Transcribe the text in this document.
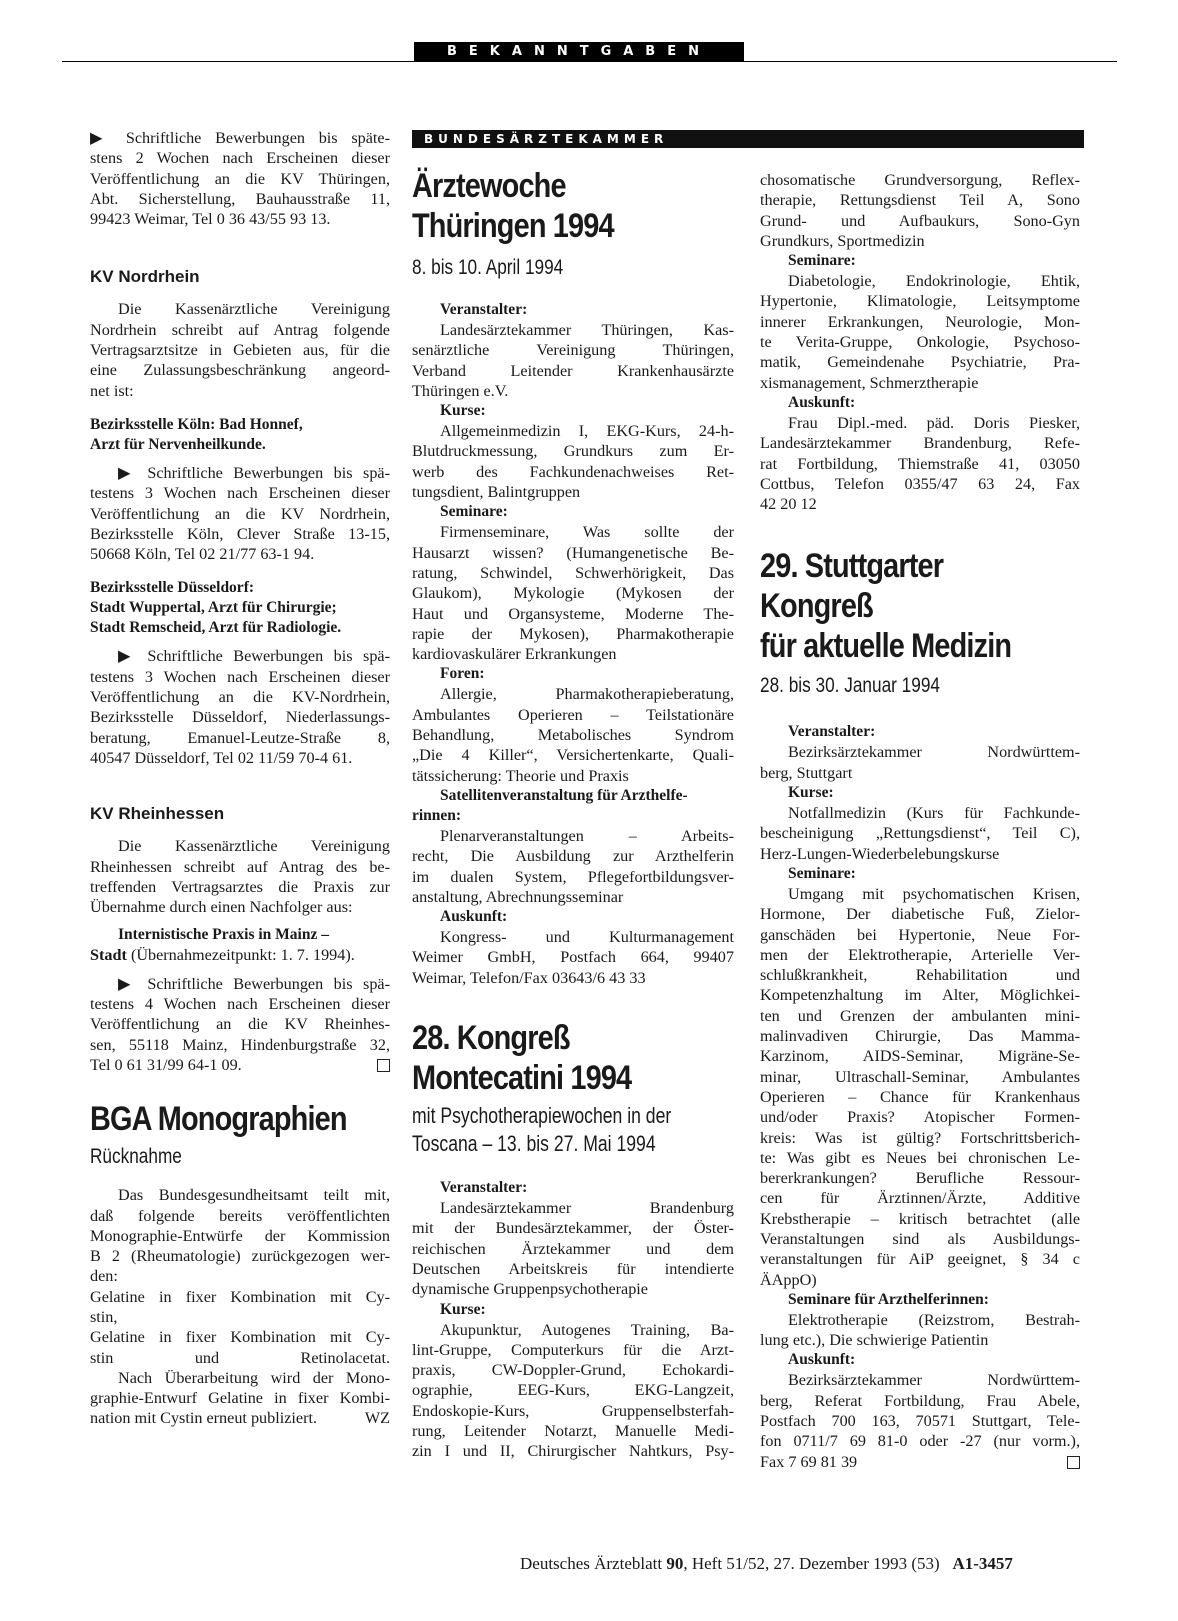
BEKANNTGABEN
BUNDESÄRZTEKAMMER

▶ Schriftliche Bewerbungen bis späte-

stens 2 Wochen nach Erscheinen dieser

Veröffentlichung an die KV Thüringen,

Abt. Sicherstellung, Bauhausstraße 11,

99423 Weimar, Tel 0 36 43/55 93 13.

KV Nordrhein

Die Kassenärztliche Vereinigung

Nordrhein schreibt auf Antrag folgende

Vertragsarztsitze in Gebieten aus, für die

eine Zulassungsbeschränkung angeord-

net ist:

Bezirksstelle Köln: Bad Honnef,

Arzt für Nervenheilkunde.

▶ Schriftliche Bewerbungen bis spä-

testens 3 Wochen nach Erscheinen dieser

Veröffentlichung an die KV Nordrhein,

Bezirksstelle Köln, Clever Straße 13-15,

50668 Köln, Tel 02 21/77 63-1 94.

Bezirksstelle Düsseldorf:

Stadt Wuppertal, Arzt für Chirurgie;

Stadt Remscheid, Arzt für Radiologie.

▶ Schriftliche Bewerbungen bis spä-

testens 3 Wochen nach Erscheinen dieser

Veröffentlichung an die KV-Nordrhein,

Bezirksstelle Düsseldorf, Niederlassungs-

beratung, Emanuel-Leutze-Straße 8,

40547 Düsseldorf, Tel 02 11/59 70-4 61.

KV Rheinhessen

Die Kassenärztliche Vereinigung

Rheinhessen schreibt auf Antrag des be-

treffenden Vertragsarztes die Praxis zur

Übernahme durch einen Nachfolger aus:

Internistische Praxis in Mainz –

Stadt (Übernahmezeitpunkt: 1. 7. 1994).

▶ Schriftliche Bewerbungen bis spä-

testens 4 Wochen nach Erscheinen dieser

Veröffentlichung an die KV Rheinhes-

sen, 55118 Mainz, Hindenburgstraße 32,

Tel 0 61 31/99 64-1 09.

BGA Monographien

Rücknahme

Das Bundesgesundheitsamt teilt mit,

daß folgende bereits veröffentlichten

Monographie-Entwürfe der Kommission

B 2 (Rheumatologie) zurückgezogen wer-

den:

Gelatine in fixer Kombination mit Cy-

stin,

Gelatine in fixer Kombination mit Cy-

stin und Retinolacetat.

Nach Überarbeitung wird der Mono-

graphie-Entwurf Gelatine in fixer Kombi-

nation mit Cystin erneut publiziert.	WZ

Ärztewoche

Thüringen 1994

8. bis 10. April 1994

Veranstalter:

Landesärztekammer Thüringen, Kas-

senärztliche Vereinigung Thüringen,

Verband Leitender Krankenhausärzte

Thüringen e.V.

Kurse:

Allgemeinmedizin I, EKG-Kurs, 24-h-

Blutdruckmessung, Grundkurs zum Er-

werb des Fachkundenachweises Ret-

tungsdient, Balintgruppen

Seminare:

Firmenseminare, Was sollte der

Hausarzt wissen? (Humangenetische Be-

ratung, Schwindel, Schwerhörigkeit, Das

Glaukom), Mykologie (Mykosen der

Haut und Organsysteme, Moderne The-

rapie der Mykosen), Pharmakotherapie

kardiovaskulärer Erkrankungen

Foren:

Allergie, Pharmakotherapieberatung,

Ambulantes Operieren – Teilstationäre

Behandlung, Metabolisches Syndrom

„Die 4 Killer“, Versichertenkarte, Quali-

tätssicherung: Theorie und Praxis

Satellitenveranstaltung für Arzthelfe-

rinnen:

Plenarveranstaltungen – Arbeits-

recht, Die Ausbildung zur Arzthelferin

im dualen System, Pflegefortbildungsver-

anstaltung, Abrechnungsseminar

Auskunft:

Kongress- und Kulturmanagement

Weimer GmbH, Postfach 664, 99407

Weimar, Telefon/Fax 03643/6 43 33

28. Kongreß

Montecatini 1994

mit Psychotherapiewochen in der

Toscana – 13. bis 27. Mai 1994

Veranstalter:

Landesärztekammer Brandenburg

mit der Bundesärztekammer, der Öster-

reichischen Ärztekammer und dem

Deutschen Arbeitskreis für intendierte

dynamische Gruppenpsychotherapie

Kurse:

Akupunktur, Autogenes Training, Ba-

lint-Gruppe, Computerkurs für die Arzt-

praxis, CW-Doppler-Grund, Echokardi-

ographie, EEG-Kurs, EKG-Langzeit,

Endoskopie-Kurs, Gruppenselbsterfah-

rung, Leitender Notarzt, Manuelle Medi-

zin I und II, Chirurgischer Nahtkurs, Psy-

chosomatische Grundversorgung, Reflex-

therapie, Rettungsdienst Teil A, Sono

Grund- und Aufbaukurs, Sono-Gyn

Grundkurs, Sportmedizin

Seminare:

Diabetologie, Endokrinologie, Ehtik,

Hypertonie, Klimatologie, Leitsymptome

innerer Erkrankungen, Neurologie, Mon-

te Verita-Gruppe, Onkologie, Psychoso-

matik, Gemeindenahe Psychiatrie, Pra-

xismanagement, Schmerztherapie

Auskunft:

Frau Dipl.-med. päd. Doris Piesker,

Landesärztekammer Brandenburg, Refe-

rat Fortbildung, Thiemstraße 41, 03050

Cottbus, Telefon 0355/47 63 24, Fax

42 20 12

29. Stuttgarter

Kongreß

für aktuelle Medizin

28. bis 30. Januar 1994

Veranstalter:

Bezirksärztekammer Nordwürttem-

berg, Stuttgart

Kurse:

Notfallmedizin (Kurs für Fachkunde-

bescheinigung „Rettungsdienst“, Teil C),

Herz-Lungen-Wiederbelebungskurse

Seminare:

Umgang mit psychomatischen Krisen,

Hormone, Der diabetische Fuß, Zielor-

ganschäden bei Hypertonie, Neue For-

men der Elektrotherapie, Arterielle Ver-

schlußkrankheit, Rehabilitation und

Kompetenzhaltung im Alter, Möglichkei-

ten und Grenzen der ambulanten mini-

malinvadiven Chirurgie, Das Mamma-

Karzinom, AIDS-Seminar, Migräne-Se-

minar, Ultraschall-Seminar, Ambulantes

Operieren – Chance für Krankenhaus

und/oder Praxis? Atopischer Formen-

kreis: Was ist gültig? Fortschrittsberich-

te: Was gibt es Neues bei chronischen Le-

bererkrankungen? Berufliche Ressour-

cen für Ärztinnen/Ärzte, Additive

Krebstherapie – kritisch betrachtet (alle

Veranstaltungen sind als Ausbildungs-

veranstaltungen für AiP geeignet, § 34 c

ÄAppO)

Seminare für Arzthelferinnen:

Elektrotherapie (Reizstrom, Bestrah-

lung etc.), Die schwierige Patientin

Auskunft:

Bezirksärztekammer Nordwürttem-

berg, Referat Fortbildung, Frau Abele,

Postfach 700 163, 70571 Stuttgart, Tele-

fon 0711/7 69 81-0 oder -27 (nur vorm.),

Fax 7 69 81 39

Deutsches Ärzteblatt 90, Heft 51/52, 27. Dezember 1993 (53) A1-3457
